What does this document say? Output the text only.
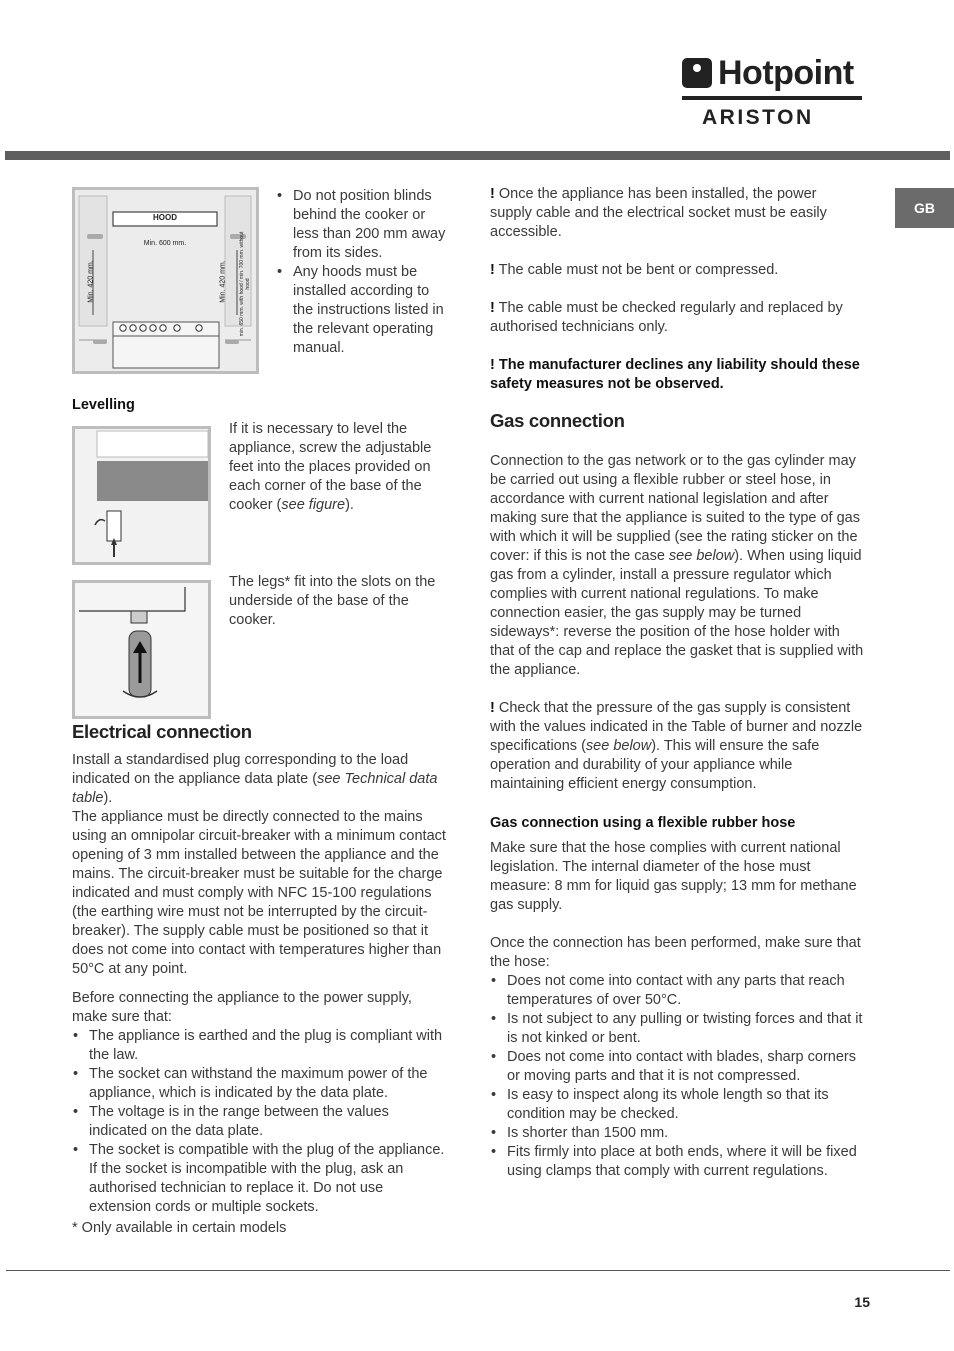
Hotpoint
ARISTON
GB
HOOD
Min. 600 mm.
Min. 420 mm.	Min. 420 mm.	min. 650 mm. with hood / min. 700 mm. without hood
• Do not position blinds behind the cooker or less than 200 mm away from its sides.
• Any hoods must be installed according to the instructions listed in the relevant operating manual.
Levelling
If it is necessary to level the appliance, screw the adjustable feet into the places provided on each corner of the base of the cooker (see figure).
The legs* fit into the slots on the underside of the base of the cooker.
Electrical connection

Install a standardised plug corresponding to the load indicated on the appliance data plate (see Technical data table).

The appliance must be directly connected to the mains using an omnipolar circuit-breaker with a minimum contact opening of 3 mm installed between the appliance and the mains. The circuit-breaker must be suitable for the charge indicated and must comply with NFC 15-100 regulations (the earthing wire must not be interrupted by the circuit-breaker). The supply cable must be positioned so that it does not come into contact with temperatures higher than 50°C at any point.

Before connecting the appliance to the power supply, make sure that:

• The appliance is earthed and the plug is compliant with the law.
• The socket can withstand the maximum power of the appliance, which is indicated by the data plate.
• The voltage is in the range between the values indicated on the data plate.
• The socket is compatible with the plug of the appliance. If the socket is incompatible with the plug, ask an authorised technician to replace it. Do not use extension cords or multiple sockets.

* Only available in certain models

! Once the appliance has been installed, the power supply cable and the electrical socket must be easily accessible.

! The cable must not be bent or compressed.

! The cable must be checked regularly and replaced by authorised technicians only.

! The manufacturer declines any liability should these safety measures not be observed.

Gas connection

Connection to the gas network or to the gas cylinder may be carried out using a flexible rubber or steel hose, in accordance with current national legislation and after making sure that the appliance is suited to the type of gas with which it will be supplied (see the rating sticker on the cover: if this is not the case see below). When using liquid gas from a cylinder, install a pressure regulator which complies with current national regulations. To make connection easier, the gas supply may be turned sideways*: reverse the position of the hose holder with that of the cap and replace the gasket that is supplied with the appliance.

! Check that the pressure of the gas supply is consistent with the values indicated in the Table of burner and nozzle specifications (see below). This will ensure the safe operation and durability of your appliance while maintaining efficient energy consumption.

Gas connection using a flexible rubber hose

Make sure that the hose complies with current national legislation. The internal diameter of the hose must measure: 8 mm for liquid gas supply; 13 mm for methane gas supply.

Once the connection has been performed, make sure that the hose:

• Does not come into contact with any parts that reach temperatures of over 50°C.
• Is not subject to any pulling or twisting forces and that it is not kinked or bent.
• Does not come into contact with blades, sharp corners or moving parts and that it is not compressed.
• Is easy to inspect along its whole length so that its condition may be checked.
• Is shorter than 1500 mm.
• Fits firmly into place at both ends, where it will be fixed using clamps that comply with current regulations.
15
